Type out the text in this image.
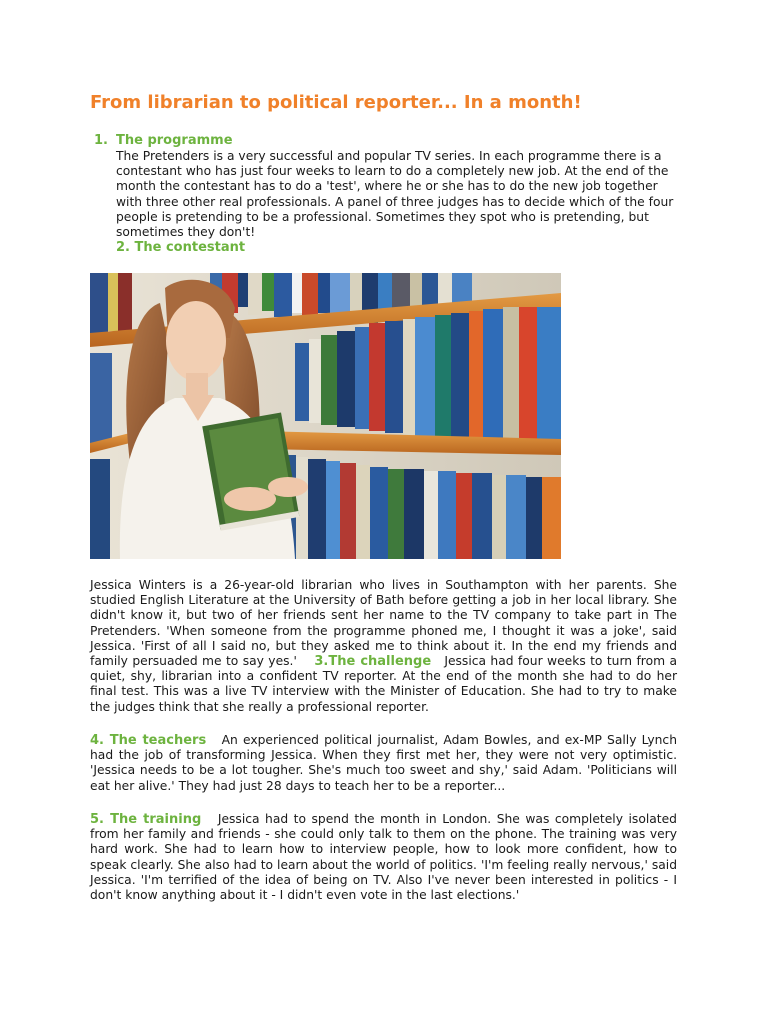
From librarian to political reporter... In a month!
1. The programme

The Pretenders is a very successful and popular TV series. In each programme there is a contestant who has just four weeks to learn to do a completely new job. At the end of the month the contestant has to do a 'test', where he or she has to do the new job together with three other real professionals. A panel of three judges has to decide which of the four people is pretending to be a professional. Sometimes they spot who is pretending, but sometimes they don't!

2. The contestant

Jessica Winters is a 26-year-old librarian who lives in Southampton with her parents. She studied English Literature at the University of Bath before getting a job in her local library. She didn't know it, but two of her friends sent her name to the TV company to take part in The Pretenders. 'When someone from the programme phoned me, I thought it was a joke', said Jessica. 'First of all I said no, but they asked me to think about it. In the end my friends and family persuaded me to say yes.' 3.The challenge Jessica had four weeks to turn from a quiet, shy, librarian into a confident TV reporter. At the end of the month she had to do her final test. This was a live TV interview with the Minister of Education. She had to try to make the judges think that she really a professional reporter.

4. The teachers An experienced political journalist, Adam Bowles, and ex-MP Sally Lynch had the job of transforming Jessica. When they first met her, they were not very optimistic. 'Jessica needs to be a lot tougher. She's much too sweet and shy,' said Adam. 'Politicians will eat her alive.' They had just 28 days to teach her to be a reporter...

5. The training Jessica had to spend the month in London. She was completely isolated from her family and friends - she could only talk to them on the phone. The training was very hard work. She had to learn how to interview people, how to look more confident, how to speak clearly. She also had to learn about the world of politics. 'I'm feeling really nervous,' said Jessica. 'I'm terrified of the idea of being on TV. Also I've never been interested in politics - I don't know anything about it - I didn't even vote in the last elections.'
